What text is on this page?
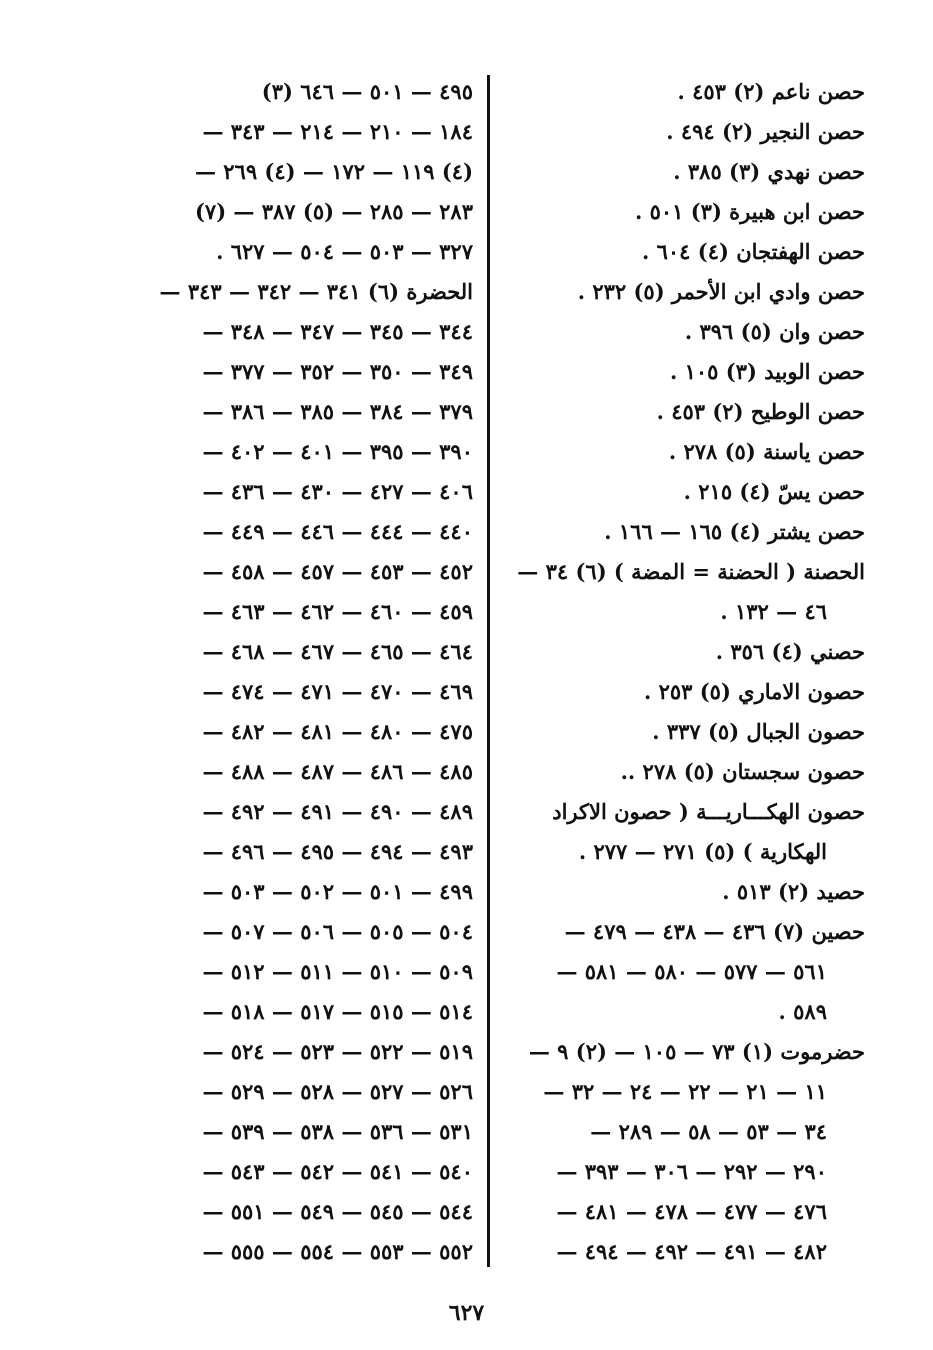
حصن ناعم (٢) ٤٥٣ .
حصن النجير (٢) ٤٩٤ .
حصن نهدي (٣) ٣٨٥ .
حصن ابن هبيرة (٣) ٥٠١ .
حصن الهفتجان (٤) ٦٠٤ .
حصن وادي ابن الأحمر (٥) ٢٣٢ .
حصن وان (٥) ٣٩٦ .
حصن الوبيد (٣) ١٠٥ .
حصن الوطيح (٢) ٤٥٣ .
حصن ياسنة (٥) ٢٧٨ .
حصن يسّ (٤) ٢١٥ .
حصن يشتر (٤) ١٦٥ — ١٦٦ .
الحصنة ( الحضنة = المضة ) (٦) ٣٤ —
٤٦ — ١٣٢ .
حصني (٤) ٣٥٦ .
حصون الاماري (٥) ٢٥٣ .
حصون الجبال (٥) ٣٣٧ .
حصون سجستان (٥) ٢٧٨ ..
حصون الهكـــاريـــة ( حصون الاكراد
الهكارية ) (٥) ٢٧١ — ٢٧٧ .
حصيد (٢) ٥١٣ .
حصين (٧) ٤٣٦ — ٤٣٨ — ٤٧٩ —
٥٦١ — ٥٧٧ — ٥٨٠ — ٥٨١ —
٥٨٩ .
حضرموت (١) ٧٣ — ١٠٥ — (٢) ٩ —
١١ — ٢١ — ٢٢ — ٢٤ — ٣٢ —
٣٤ — ٥٣ — ٥٨ — ٢٨٩ —
٢٩٠ — ٢٩٢ — ٣٠٦ — ٣٩٣ —
٤٧٦ — ٤٧٧ — ٤٧٨ — ٤٨١ —
٤٨٢ — ٤٩١ — ٤٩٢ — ٤٩٤ —
٤٩٥ — ٥٠١ — ٦٤٦ (٣)
١٨٤ — ٢١٠ — ٢١٤ — ٣٤٣ —
(٤) ١١٩ — ١٧٢ — (٤) ٢٦٩ —
٢٨٣ — ٢٨٥ — (٥) ٣٨٧ — (٧)
٣٢٧ — ٥٠٣ — ٥٠٤ — ٦٢٧ .
الحضرة (٦) ٣٤١ — ٣٤٢ — ٣٤٣ —
٣٤٤ — ٣٤٥ — ٣٤٧ — ٣٤٨ —
٣٤٩ — ٣٥٠ — ٣٥٢ — ٣٧٧ —
٣٧٩ — ٣٨٤ — ٣٨٥ — ٣٨٦ —
٣٩٠ — ٣٩٥ — ٤٠١ — ٤٠٢ —
٤٠٦ — ٤٢٧ — ٤٣٠ — ٤٣٦ —
٤٤٠ — ٤٤٤ — ٤٤٦ — ٤٤٩ —
٤٥٢ — ٤٥٣ — ٤٥٧ — ٤٥٨ —
٤٥٩ — ٤٦٠ — ٤٦٢ — ٤٦٣ —
٤٦٤ — ٤٦٥ — ٤٦٧ — ٤٦٨ —
٤٦٩ — ٤٧٠ — ٤٧١ — ٤٧٤ —
٤٧٥ — ٤٨٠ — ٤٨١ — ٤٨٢ —
٤٨٥ — ٤٨٦ — ٤٨٧ — ٤٨٨ —
٤٨٩ — ٤٩٠ — ٤٩١ — ٤٩٢ —
٤٩٣ — ٤٩٤ — ٤٩٥ — ٤٩٦ —
٤٩٩ — ٥٠١ — ٥٠٢ — ٥٠٣ —
٥٠٤ — ٥٠٥ — ٥٠٦ — ٥٠٧ —
٥٠٩ — ٥١٠ — ٥١١ — ٥١٢ —
٥١٤ — ٥١٥ — ٥١٧ — ٥١٨ —
٥١٩ — ٥٢٢ — ٥٢٣ — ٥٢٤ —
٥٢٦ — ٥٢٧ — ٥٢٨ — ٥٢٩ —
٥٣١ — ٥٣٦ — ٥٣٨ — ٥٣٩ —
٥٤٠ — ٥٤١ — ٥٤٢ — ٥٤٣ —
٥٤٤ — ٥٤٥ — ٥٤٩ — ٥٥١ —
٥٥٢ — ٥٥٣ — ٥٥٤ — ٥٥٥ —
٦٢٧
